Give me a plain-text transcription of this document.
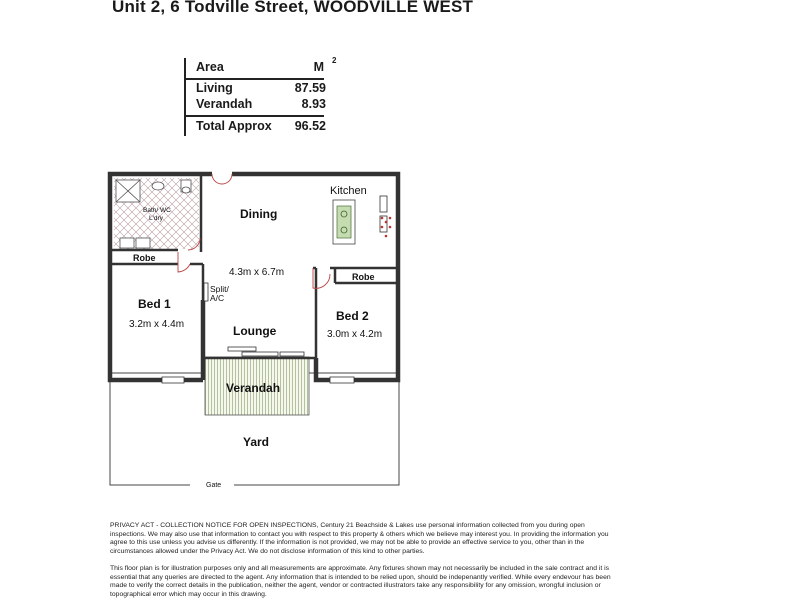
Unit 2, 6 Todville Street, WOODVILLE WEST
Area	M 2
Living	87.59
Verandah	8.93
Total Approx 96.52
Kitchen
Dining
Bath/ WC
L'dry
Robe
4.3m x 6.7m
Split/
A/C
Robe
Bed 1
3.2m x 4.4m	Lounge
Bed 2
3.0m x 4.2m
Verandah
Yard
Gate

PRIVACY ACT - COLLECTION NOTICE FOR OPEN INSPECTIONS, Century 21 Beachside & Lakes use personal information collected from you during open

inspections. We may also use that information to contact you with respect to this property & others which we believe may interest you. In providing the information you

agree to this use unless you advise us differently. If the information is not provided, we may not be able to provide an effective service to you, other than in the

circumstances allowed under the Privacy Act. We do not disclose information of this kind to other parties.

This floor plan is for illustration purposes only and all measurements are approximate. Any fixtures shown may not necessarily be included in the sale contract and it is

essential that any queries are directed to the agent. Any information that is intended to be relied upon, should be indepenantly verified. While every endevour has been

made to verify the correct details in the publication, neither the agent, vendor or contracted illustrators take any responsibility for any omission, wrongful inclusion or

topographical error which may occur in this drawing.
